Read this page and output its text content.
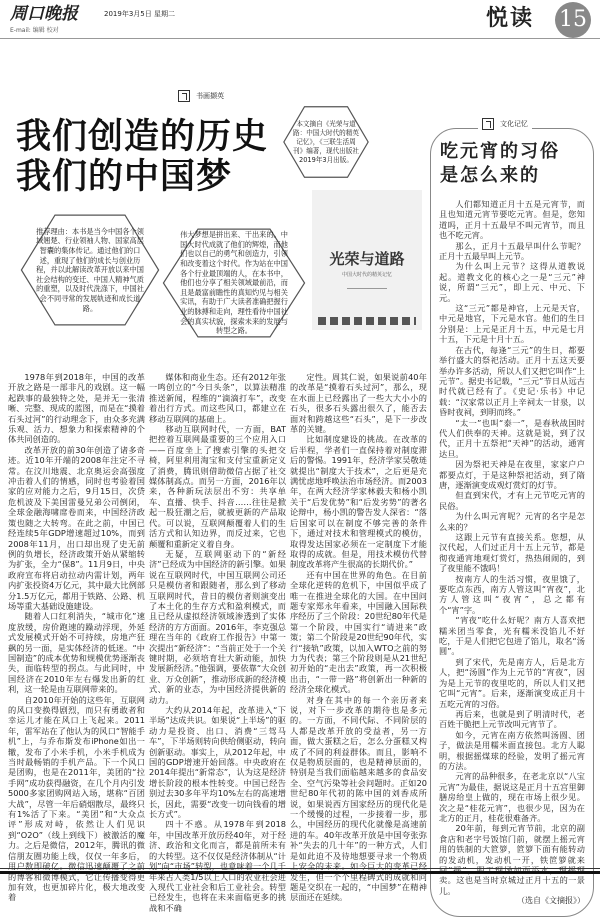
周口晚报	2019年3月5日 星期二
E-mail: 编辑 校对	悦读 15
书画撷英
我们创造的历史
我们的中国梦
本文摘自《光荣与道路：中国大时代的精英记忆》，《三联生活周刊》编著，现代出版社2019年3月出版。
推荐理由：本书是当今中国各个领域翘楚、行业领袖人物、国家高层智囊的集体传记。通过他们的口述，重现了他们的成长与创业历程，并以此解读改革开放以来中国社会结构的变迁、中国人精神气质的重塑，以及时代洗涤下，中国社会不同寻常的发展轨迹和成长道路。
伟大梦想是拼出来、干出来的。中国大时代成就了他们的辉煌，而他们也以自己的勇气和创造力，引领和改变着这个时代。作为站在中国各个行业最顶端的人，在本书中，他们也分享了相关领域最前沿，而且是最富前瞻性的真知灼见与相关实讯，有助于广大读者准确把握行业的脉搏和走向，理性看待中国社会的真实状貌，探索未来的发展与转型之路。
光荣与道路
中国大时代的精英记忆

1978年到2018年，中国的改革开放之路是一部非凡的戏剧。这一幅起跌事的最独特之处，是并无一张清晰、完整、现成的蓝图，而是在“摸着石头过河”的行动理念下，由众多充满乐观、活力、想象力和探索精神的个体共同创造的。

改革开放的前30年创造了诸多奇迹。近10年开端的2008年注定不寻常。在汶川地震、北京奥运会高强度冲击着人们的情感，同时也考验着国家的应对能力之后，9月15日，次贷危机波及下美国雷曼兄弟公司倒闭，全球金融海啸席卷而来，中国经济政策也随之大转弯。在此之前，中国已经连续5年GDP增速超过10%，而到2008年11月，出口却出现了史无前例的负增长，经济政策开始从紧缩转为扩张，全力“保8”。11月9日，中央政府宣布将启动拉动内需计划，两年内扩张投资4万亿元，其中最大比例部分1.5万亿元，都用于铁路、公路、机场等重大基础设施建设。

随着人口红利消失，“城市化”速度放缓，房价跑速的躁动浮现，外延式发展模式开始不可持续，房地产狂飙的另一面，是实体经济的低迷。“中国制造”的成本优势和规模优势逐渐丧失，面临转型的拐点。与此同时，中国经济在2010年左右爆发出新的红利，这一轮是由互联网带来的。

自2010年开始的这些年，互联网的风口变换得剧烈，而只有勇敢者和幸运儿才能在风口上飞起来。2011年，雷军站在了他认为的风口“智能手机”上，与乔布斯发布iPhone如出一辙，发布了小米手机，小米手机成为当时最畅销的手机产品。下一个风口是团购，也是在2011年，美团的“拉手网”成功获得融资，在几个月内引发5000多家团购网站入场，堪称“百团大战”，尽管一年后硝烟散尽，最终只有1%活了下来。“美团”和“大众点评”形成对峙，依然让人们见识到“O2O”（线上到线下）被激活的魔力。之后是微信，2012年，腾讯的微信朋友圈功能上线，仅仅一年多后，用户数即破亿。微信迅速颠覆了之前的博客和微博模式，它让传播变得更加有效，也更加碎片化，极大地改变着

媒体和商业生态。还有2012年张一鸣创立的“今日头条”，以算法精准推送新闻，程维的“滴滴打车”，改变着出行方式。而这些风口，都建立在移动互联网的基础上。

移动互联网时代，一方面，BAT把控着互联网最重要的三个应用入口——百度坐上了搜索引擎的头把交椅，阿里利用淘宝和支付宝重新定义了消费，腾讯则借助微信占据了社交媒体制高点。而另一方面，2016年以来，各种新玩法层出不穷：共享单车、直播、快手、抖音……往往是掀起一股狂潮之后，就被更新的产品取代。可以说，互联网颠覆着人们的生活方式和认知边界，而反过来，它也颠覆和重新定义着自身。

无疑，互联网驱动下的“新经济”已经成为中国经济的新引擎。如果说在互联网时代，中国互联网公司还只是模仿者和跟随者，那么到了移动互联网时代，昔日的模仿者则演变出了本土化的生存方式和盈利模式，而且已经从虚拟经济领域渗透到了实体经济的方方面面。2016年，李克强总理在当年的《政府工作报告》中第一次提出“新经济”：“当前正处于一个关键时期，必须培育壮大新动能，加快发展新经济。”他强调，要依靠“大众创业、万众创新”，推动形成新的经济模式、新的业态，为中国经济提供新的动力。

大约从2014年起，改革进入“下半场”达成共识。如果说“上半场”的驱动力是投资、出口、消费“三驾马车”，下半场则转向供给侧驱动，转向创新驱动。事实上，从2012年起，中国的GDP增速开始回落。中央政府在2014年提出“新常态”，认为这是经济增长阶段的根本性转变。中国已经告别过去30多年平均10%左右的高速增长，因此，需要“改变一切向钱看的增长方式”。

四十不惑。从1978年到2018年，中国改革开放历经40年，对于经济、政治和文化而言，都是前所未有的大转型。这不仅仅是经济体制从“计划”向“市场”转型，也意味着一个几千年来占人类1/5以上人口的农业社会进入现代工业社会和后工业社会。转型已经发生，也将在未来面临更多的挑战和不确

定性。周其仁说，如果说前40年的改革是“摸着石头过河”，那么，现在水面上已经露出了一些大大小小的石头，很多石头露出很久了，能否去面对和跨越这些“石头”，是下一步改革的关键。

比如制度建设的挑战。在改革的后半程，学者们一直保持着对制度滞后的警惕。1991年，经济学家吴敬琏就提出“制度大于技术”，之后更是充满忧虑地呼唤法治市场经济。而2003年，在两大经济学家林毅夫和杨小凯关于“后发优势”和“后发劣势”的著名论辩中，杨小凯的警告发人深省：“落后国家可以在制度不够完善的条件下，通过对技术和管理模式的模仿，取得发达国家必须在一定制度下才能取得的成就。但是，用技术模仿代替制度改革将产生很高的长期代价。”

还有中国在世界的角色。在目前全球化逆转的危机下，中国似乎成了唯一在推进全球化的大国。在中国问题专家郑永年看来，中国融入国际秩序经历了三个阶段：20世纪80年代是第一个阶段，中国实行“请进来”政策；第二个阶段是20世纪90年代，实行“接轨”政策，以加入WTO之前的努力为代表；第三个阶段则是从21世纪初开始的“走出去”政策，再一次积极出击，“一带一路”将创新出一种新的经济全球化模式。

对身在其中的每一个亲历者来说，对下一步改革的期待也是多元的。一方面，不同代际、不同阶层的人都是改革开放的受益者，另一方面，做大蛋糕之后，怎么分蛋糕又构成了不同的利益群体。而且，影响不仅是物质层面的，也是精神层面的，特别是当我们面临越来越多的食品安全、空气污染等社会问题时。正如20世纪80年代初的陈中国的刘香成所说，如果说西方国家经历的现代化是一个缓慢的过程，一步接着一步，那么，中国经历的现代化就像是高速前进的车。40年改革开放是中国夸张弥补“失去的几十年”的一种方式，人们是如此迫不及待地想要寻求一个物质上安全的未来。如今巨大的变革已经发生，但一个个里程碑式的成就和问题是交织在一起的，“中国梦”在精神层面还在延续。

人们都知道正月十五是元宵节，而且也知道元宵节要吃元宵。但是，您知道吗，正月十五最早不叫元宵节，而且也不吃元宵。

那么，正月十五最早叫什么节呢？正月十五最早叫上元节。

为什么叫上元节？这得从道教说起。道教文化的核心之一是“三元”神说，所谓“三元”，即上元、中元、下元。

这“三元”都是神官，上元是天官，中元是地官，下元是水官。他们的生日分别是：上元是正月十五，中元是七月十五，下元是十月十五。

在古代，每逢“三元”的生日，都要举行盛大的祭祀活动。正月十五这天要举办许多活动，所以人们又把它叫作“上元节”。据史书记载，“三元”节日从远古时代就已经有了。《史记·乐书》中记载：“汉家常以正月上辛祠太一甘泉，以昏时夜祠，到明而终。”

“太一”也叫“泰一”，是春秋战国时代人们供奉的天神。这就是说，到了汉代，正月十五祭祀“天神”的活动，通宵达旦。

因为祭祀天神是在夜里，家家户户都要点灯，于是这种祭祀活动，到了隋唐，逐渐演变成观灯赏灯的灯节。

但直到宋代，才有上元节吃元宵的民俗。

为什么叫元宵呢？元宵的名字是怎么来的？

这跟上元节有直接关系。您想，从汉代起，人们过正月十五上元节，都是彻夜通宵地观灯赏灯，热热闹闹的，到了夜里能不饿吗！

按南方人的生活习惯，夜里饿了，要吃点东西，南方人管这叫“宵夜”，北方人管这叫“夜宵”，总之都有个“宵”字。

“宵夜”吃什么好呢？南方人喜欢把糯米团当零食，光有糯米没馅儿不好吃，于是人们把它包进了馅儿，取名“汤圆”。

到了宋代，先是南方人，后是北方人，把“汤圆”作为上元节的“宵夜”，因为是上元节的夜里吃的，所以人们又把它叫“元宵”。后来，逐渐演变成正月十五吃元宵的习俗。

再后来，也就是到了明清时代，老百姓干脆把上元节改叫元宵节了。

如今，元宵在南方依然叫汤圆、团子，做法是用糯米面直接包。北方人聪明，根据摇煤球的经验，发明了摇元宵的方法。

元宵的品种很多，在老北京以“八宝元宵”为最佳，据说这是正月十五宫里御膳房给皇上做的，现在市场上很少见。次之是“桂花元宵”，也很少见，因为在北方的正月，桂花很难备齐。

20年前，每到元宵节前，北京的副食店和老字号饭馆门前，就摆上摇元宵用的铁制的大笸箩，笸箩下面有能转动的发动机，发动机一开，铁笸箩就来回“摇”，职工现场加面添水，现摇现卖。这也是当时京城过正月十五的一景儿。

（选自《文摘报》）
文化记忆
吃元宵的习俗
是怎么来的
